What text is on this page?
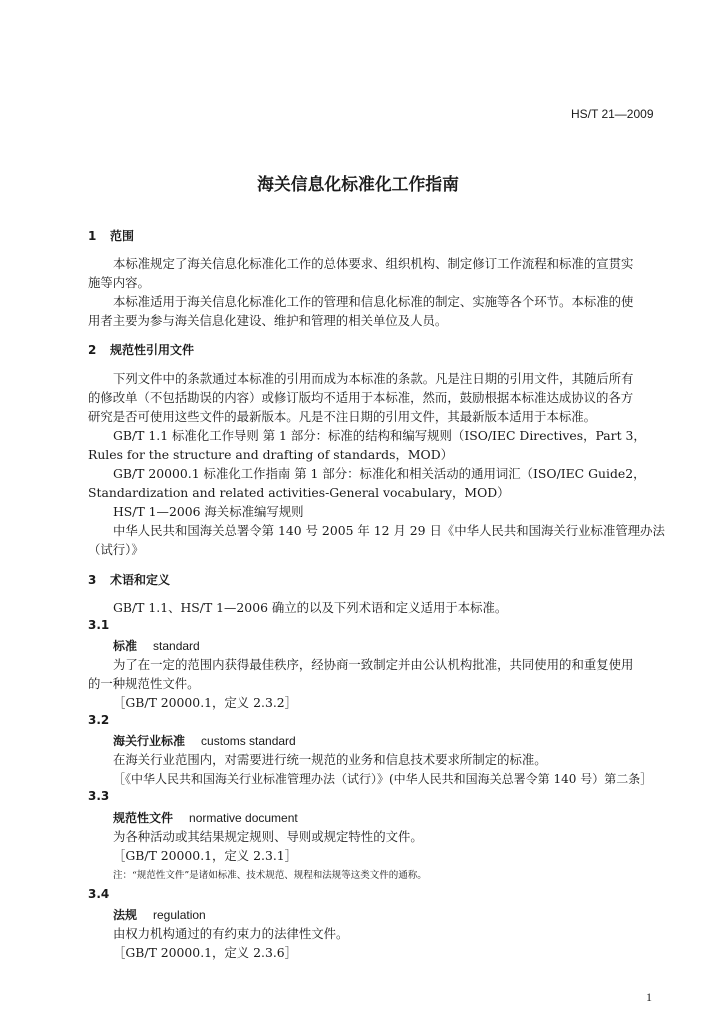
HS/T 21—2009
海关信息化标准化工作指南
1 范围
本标准规定了海关信息化标准化工作的总体要求、组织机构、制定修订工作流程和标准的宣贯实
施等内容。
本标准适用于海关信息化标准化工作的管理和信息化标准的制定、实施等各个环节。本标准的使
用者主要为参与海关信息化建设、维护和管理的相关单位及人员。
2 规范性引用文件
下列文件中的条款通过本标准的引用而成为本标准的条款。凡是注日期的引用文件，其随后所有
的修改单（不包括勘误的内容）或修订版均不适用于本标准，然而，鼓励根据本标准达成协议的各方
研究是否可使用这些文件的最新版本。凡是不注日期的引用文件，其最新版本适用于本标准。
GB/T 1.1 标准化工作导则 第 1 部分：标准的结构和编写规则（ISO/IEC Directives，Part 3，
Rules for the structure and drafting of standards，MOD）
GB/T 20000.1 标准化工作指南 第 1 部分：标准化和相关活动的通用词汇（ISO/IEC Guide2，
Standardization and related activities-General vocabulary，MOD）
HS/T 1—2006 海关标准编写规则
中华人民共和国海关总署令第 140 号 2005 年 12 月 29 日《中华人民共和国海关行业标准管理办法
（试行）》
3 术语和定义
GB/T 1.1、HS/T 1—2006 确立的以及下列术语和定义适用于本标准。
3.1
标准 standard
为了在一定的范围内获得最佳秩序，经协商一致制定并由公认机构批准，共同使用的和重复使用
的一种规范性文件。
［GB/T 20000.1，定义 2.3.2］
3.2
海关行业标准 customs standard
在海关行业范围内，对需要进行统一规范的业务和信息技术要求所制定的标准。
［《中华人民共和国海关行业标准管理办法（试行）》(中华人民共和国海关总署令第 140 号）第二条］
3.3
规范性文件 normative document
为各种活动或其结果规定规则、导则或规定特性的文件。
［GB/T 20000.1，定义 2.3.1］
注：“规范性文件”是诸如标准、技术规范、规程和法规等这类文件的通称。
3.4
法规 regulation
由权力机构通过的有约束力的法律性文件。
［GB/T 20000.1，定义 2.3.6］
1
